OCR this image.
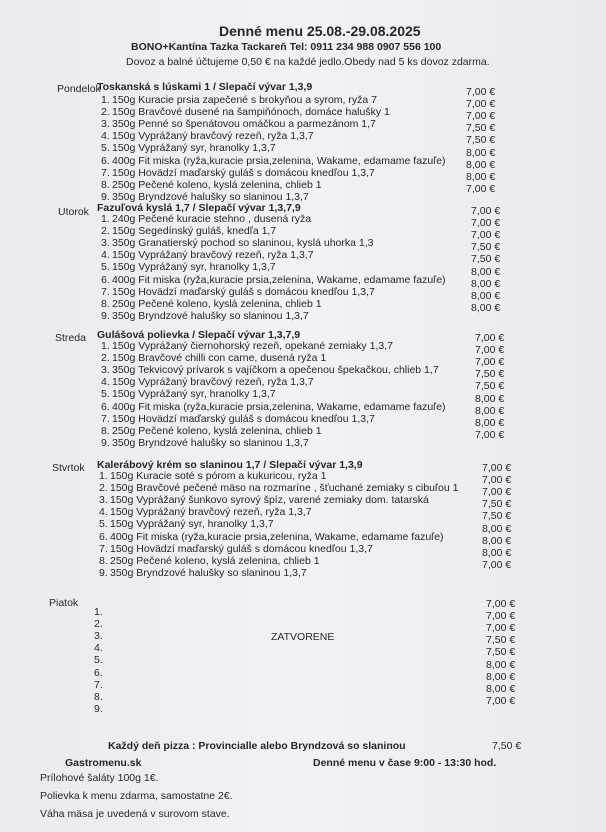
Denné menu 25.08.-29.08.2025
BONO+Kantína Tazka Tackareň Tel: 0911 234 988 0907 556 100
Dovoz a balné účtujeme 0,50 € na každé jedlo.Obedy nad 5 ks dovoz zdarma.
Pondelok
Toskanská s lúskami 1 / Slepačí vývar 1,3,9
1. 150g Kuracie prsia zapečené s brokyňou a syrom, ryža 7
7,00 €
2. 150g Bravčové dusené na šampiňónoch, domáce halušky 1
7,00 €
3. 350g Penné so špenátovou omáčkou a parmezánom 1,7
7,00 €
4. 150g Vyprážaný bravčový rezeň, ryža 1,3,7
7,50 €
5. 150g Vyprážaný syr, hranolky 1,3,7
7,50 €
6. 400g Fit miska (ryža,kuracie prsia,zelenina, Wakame, edamame fazuľe)
8,00 €
7. 150g Hovädzí maďarský guláš s domácou knedľou 1,3,7
8,00 €
8. 250g Pečené koleno, kyslá zelenina, chlieb 1
8,00 €
9. 350g Bryndzové halušky so slaninou 1,3,7
7,00 €
Utorok Fazuľová kyslá 1,7 / Slepačí vývar 1,3,7,9
1. 240g Pečené kuracie stehno , dusená ryža
7,00 €
2. 150g Segedínský guláš, knedľa 1,7
7,00 €
3. 350g Granatierský pochod so slaninou, kyslá uhorka 1,3
7,00 €
4. 150g Vyprážaný bravčový rezeň, ryža 1,3,7
7,50 €
5. 150g Vyprážaný syr, hranolky 1,3,7
7,50 €
6. 400g Fit miska (ryža,kuracie prsia,zelenina, Wakame, edamame fazuľe)
8,00 €
7. 150g Hovädzí maďarský guláš s domácou knedľou 1,3,7
8,00 €
8. 250g Pečené koleno, kyslá zelenina, chlieb 1
8,00 €
9. 350g Bryndzové halušky so slaninou 1,3,7
8,00 €
Streda Gulášová polievka / Slepačí vývar 1,3,7,9
1. 150g Vyprážaný čiernohorský rezeň, opekané zemiaky 1,3,7
7,00 €
2. 150g Bravčové chilli con carne, dusená ryža 1
7,00 €
3. 350g Tekvicový prívarok s vajíčkom a opečenou špekačkou, chlieb 1,7
7,00 €
4. 150g Vyprážaný bravčový rezeň, ryža 1,3,7
7,50 €
5. 150g Vyprážaný syr, hranolky 1,3,7
7,50 €
6. 400g Fit miska (ryža,kuracie prsia,zelenina, Wakame, edamame fazuľe)
8,00 €
7. 150g Hovädzí maďarský guláš s domácou knedľou 1,3,7
8,00 €
8. 250g Pečené koleno, kyslá zelenina, chlieb 1
8,00 €
9. 350g Bryndzové halušky so slaninou 1,3,7
7,00 €
Stvrtok Kalerábový krém so slaninou 1,7 / Slepačí vývar 1,3,9
1. 150g Kuracie soté s pórom a kukuricou, ryža 1
7,00 €
2. 150g Bravčové pečené mäso na rozmaríne , šťuchané zemiaky s cibuľou 1
7,00 €
3. 150g Vyprážaný šunkovo syrový špíz, varené zemiaky dom. tatarská
7,00 €
4. 150g Vyprážaný bravčový rezeň, ryža 1,3,7
7,50 €
5. 150g Vyprážaný syr, hranolky 1,3,7
7,50 €
6. 400g Fit miska (ryža,kuracie prsia,zelenina, Wakame, edamame fazuľe)
8,00 €
7. 150g Hovädzí maďarský guláš s domácou knedľou 1,3,7
8,00 €
8. 250g Pečené koleno, kyslá zelenina, chlieb 1
8,00 €
9. 350g Bryndzové halušky so slaninou 1,3,7
7,00 €
Piatok
ZATVORENE
1.
7,00 €
2.
7,00 €
3.
7,00 €
4.
7,50 €
5.
7,50 €
6.
8,00 €
7.
8,00 €
8.
8,00 €
9.
7,00 €
Každý deň pizza : Provincialle alebo Bryndzová so slaninou	7,50 €
Gastromenu.sk	Denné menu v čase 9:00 - 13:30 hod.
Prílohové šaláty 100g 1€.
Polievka k menu zdarma, samostatne 2€.
Váha mäsa je uvedená v surovom stave.
